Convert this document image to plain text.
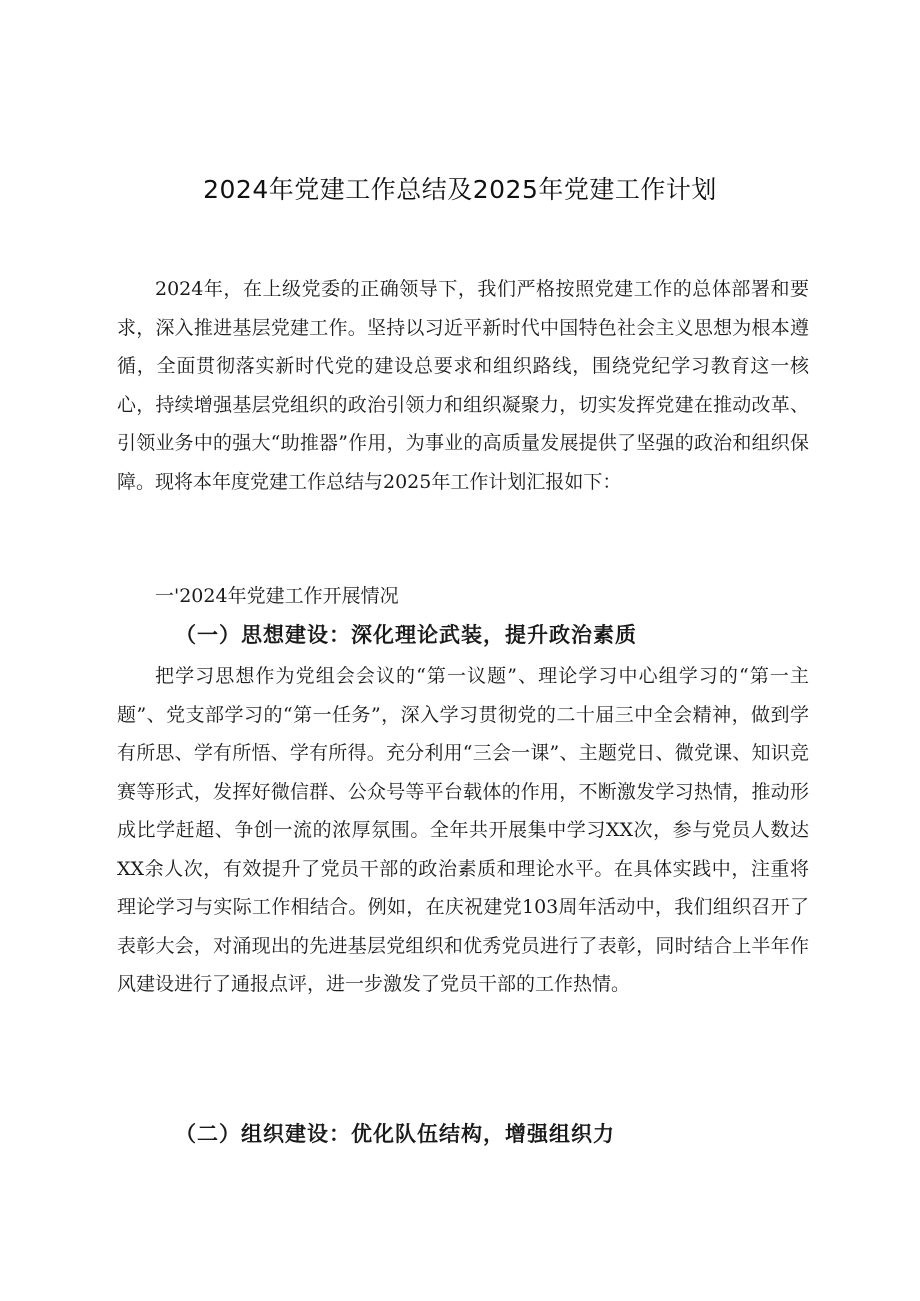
2024年党建工作总结及2025年党建工作计划

2024年，在上级党委的正确领导下，我们严格按照党建工作的总体部署和要求，深入推进基层党建工作。坚持以习近平新时代中国特色社会主义思想为根本遵循，全面贯彻落实新时代党的建设总要求和组织路线，围绕党纪学习教育这一核心，持续增强基层党组织的政治引领力和组织凝聚力，切实发挥党建在推动改革、引领业务中的强大“助推器”作用，为事业的高质量发展提供了坚强的政治和组织保障。现将本年度党建工作总结与2025年工作计划汇报如下：

一'2024年党建工作开展情况

（一）思想建设：深化理论武装，提升政治素质

把学习思想作为党组会会议的“第一议题”、理论学习中心组学习的“第一主题”、党支部学习的“第一任务”，深入学习贯彻党的二十届三中全会精神，做到学有所思、学有所悟、学有所得。充分利用“三会一课”、主题党日、微党课、知识竞赛等形式，发挥好微信群、公众号等平台载体的作用，不断激发学习热情，推动形成比学赶超、争创一流的浓厚氛围。全年共开展集中学习XX次，参与党员人数达XX余人次，有效提升了党员干部的政治素质和理论水平。在具体实践中，注重将理论学习与实际工作相结合。例如，在庆祝建党103周年活动中，我们组织召开了表彰大会，对涌现出的先进基层党组织和优秀党员进行了表彰，同时结合上半年作风建设进行了通报点评，进一步激发了党员干部的工作热情。

（二）组织建设：优化队伍结构，增强组织力
